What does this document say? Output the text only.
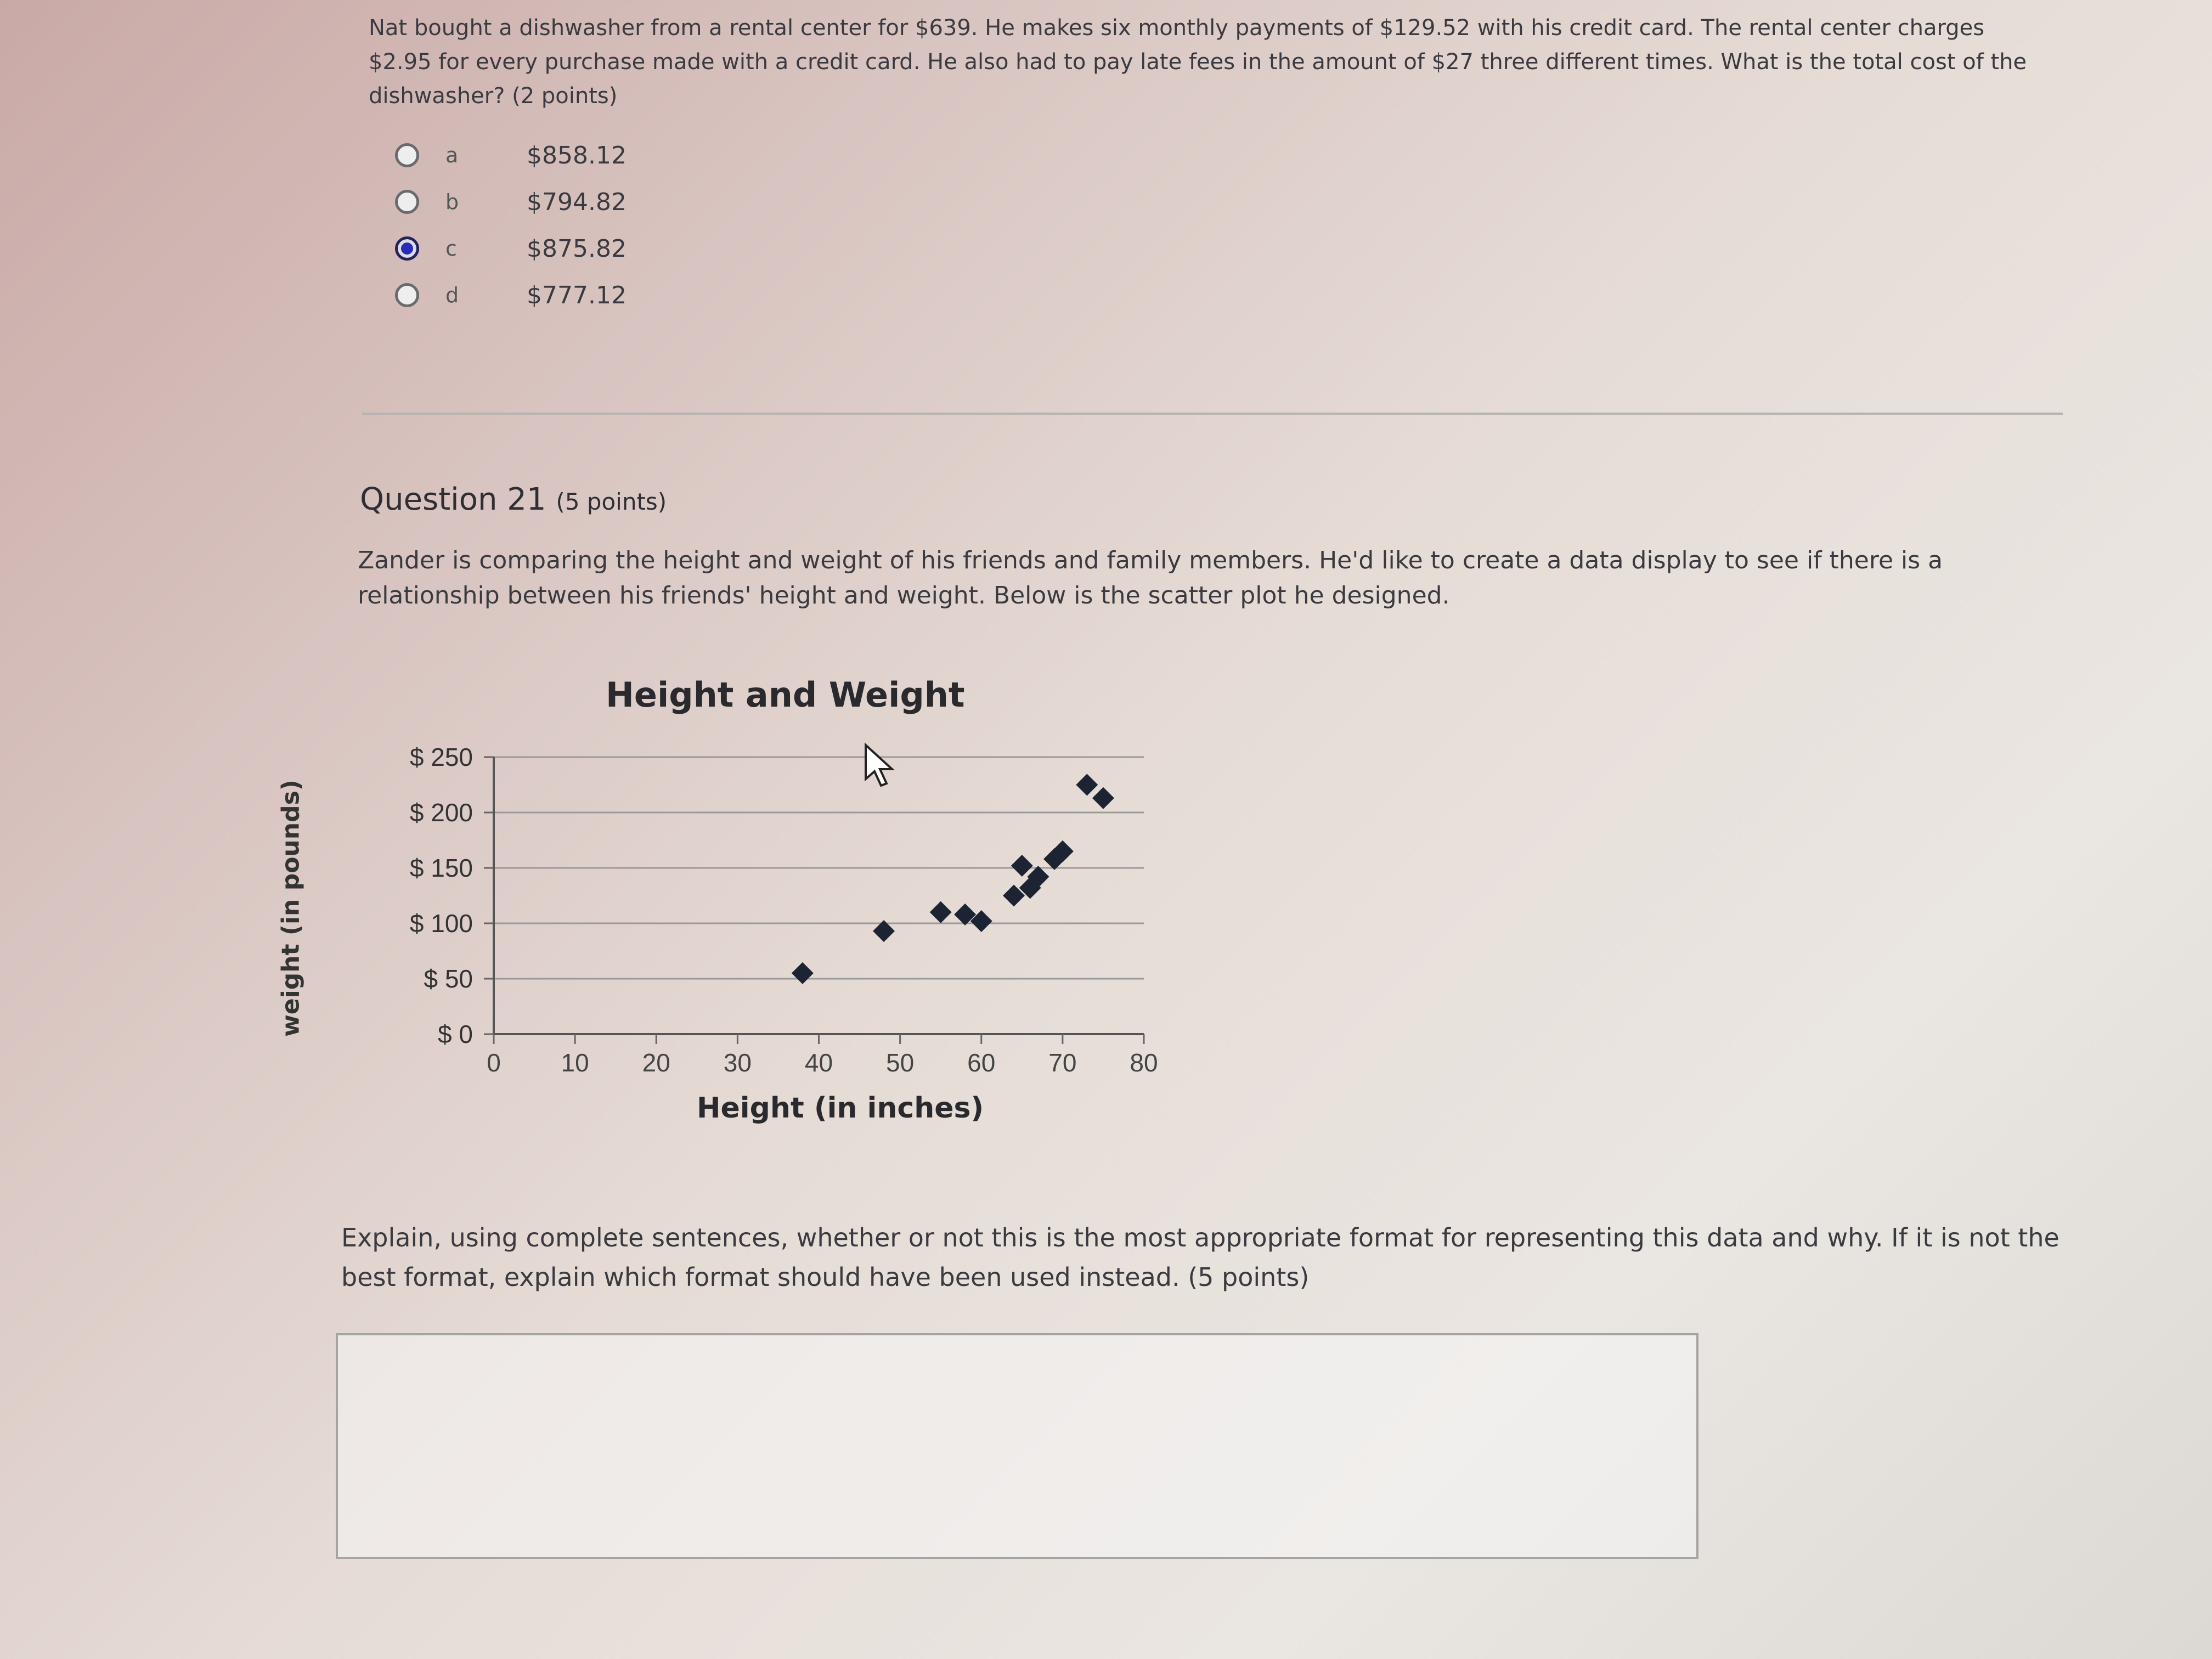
Nat bought a dishwasher from a rental center for $639. He makes six monthly payments of $129.52 with his credit card. The rental center charges $2.95 for every purchase made with a credit card. He also had to pay late fees in the amount of $27 three different times. What is the total cost of the dishwasher? (2 points)
a	$858.12
b	$794.82
c	$875.82
d	$777.12
Question 21 (5 points)
Zander is comparing the height and weight of his friends and family members. He'd like to create a data display to see if there is a relationship between his friends' height and weight. Below is the scatter plot he designed.
Height and Weight
$ 0
$ 50
$ 100
$ 150
$ 200
$ 250
0 10 20 30 40 50 60 70 80
weight (in pounds)
Height (in inches)
Explain, using complete sentences, whether or not this is the most appropriate format for representing this data and why. If it is not the best format, explain which format should have been used instead. (5 points)
